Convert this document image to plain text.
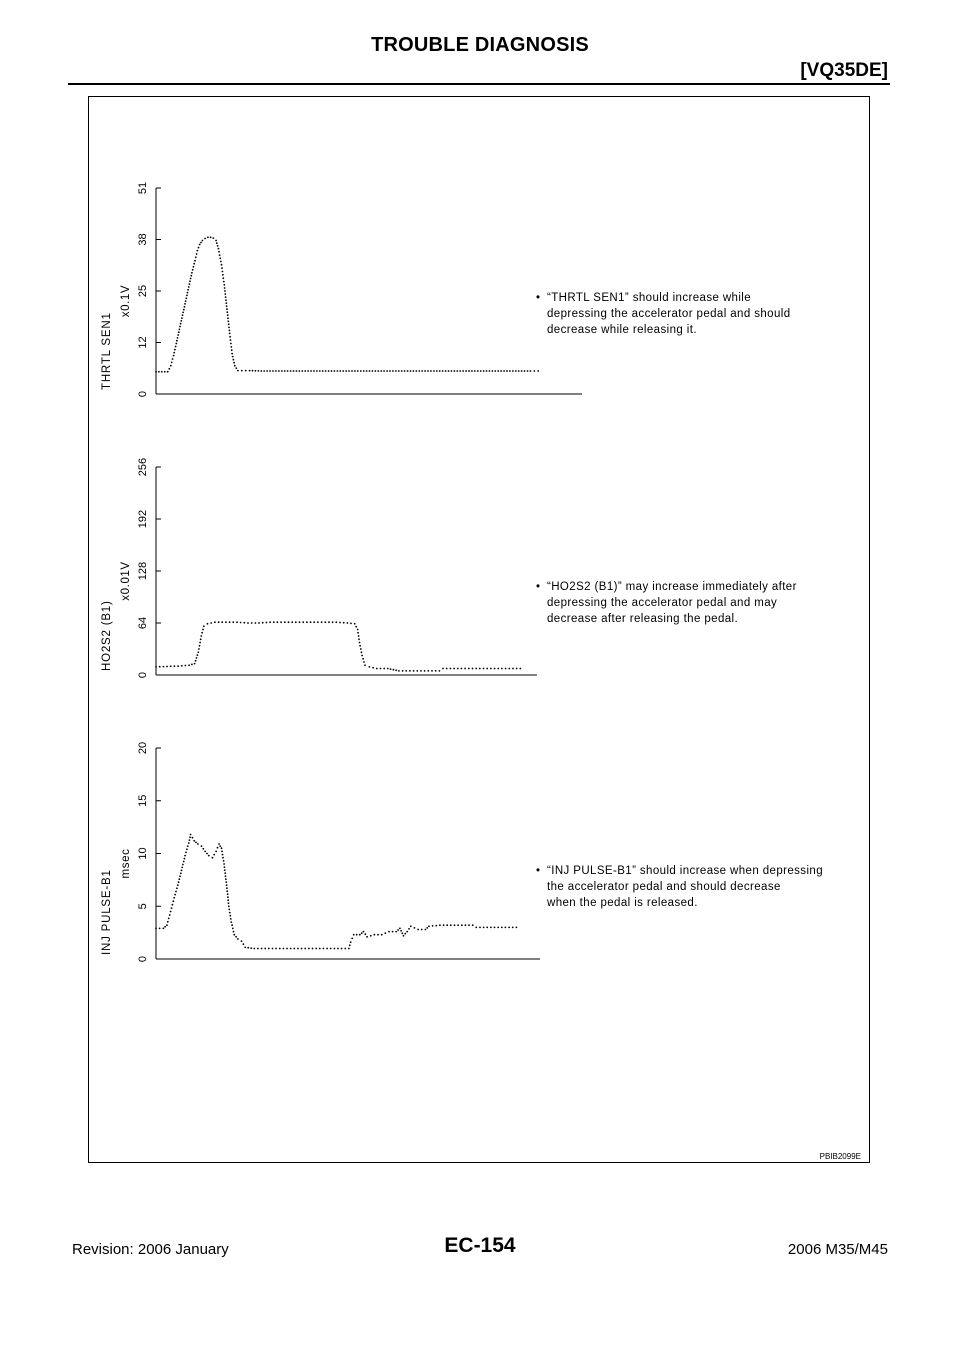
TROUBLE DIAGNOSIS
[VQ35DE]
0
12
25
38
51
THRTL SEN1
x0.1V
0
64
128
192
256
HO2S2 (B1)
x0.01V
0
5
10
15
20
INJ PULSE-B1
msec
• “THRTL SEN1” should increase while
depressing the accelerator pedal and should
decrease while releasing it.
• “HO2S2 (B1)” may increase immediately after
depressing the accelerator pedal and may
decrease after releasing the pedal.
• “INJ PULSE-B1” should increase when depressing
the accelerator pedal and should decrease
when the pedal is released.
PBIB2099E
Revision: 2006 January	EC-154	2006 M35/M45
